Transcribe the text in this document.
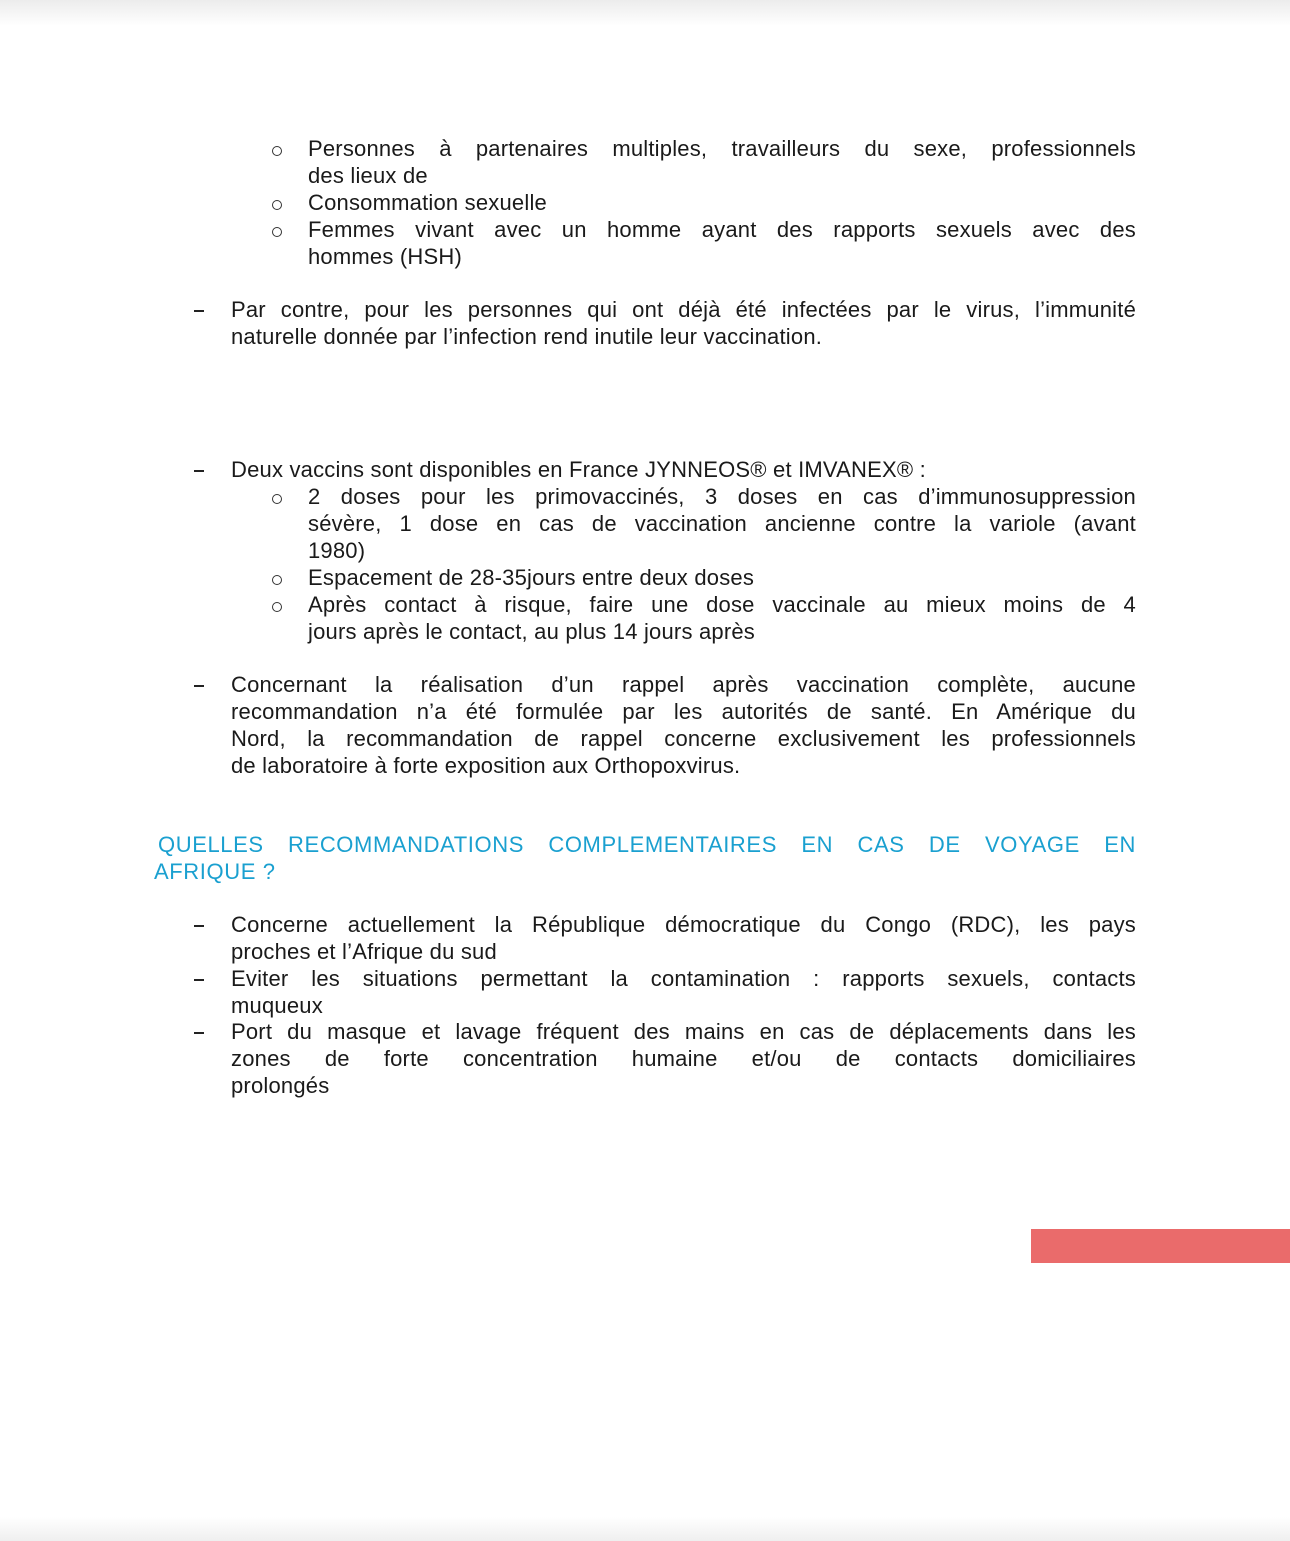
Personnes à partenaires multiples, travailleurs du sexe, professionnels
des lieux de
Consommation sexuelle
Femmes vivant avec un homme ayant des rapports sexuels avec des
hommes (HSH)
Par contre, pour les personnes qui ont déjà été infectées par le virus, l’immunité
naturelle donnée par l’infection rend inutile leur vaccination.
Deux vaccins sont disponibles en France JYNNEOS® et IMVANEX® :
2 doses pour les primovaccinés, 3 doses en cas d’immunosuppression
sévère, 1 dose en cas de vaccination ancienne contre la variole (avant
1980)
Espacement de 28-35jours entre deux doses
Après contact à risque, faire une dose vaccinale au mieux moins de 4
jours après le contact, au plus 14 jours après
Concernant la réalisation d’un rappel après vaccination complète, aucune
recommandation n’a été formulée par les autorités de santé. En Amérique du
Nord, la recommandation de rappel concerne exclusivement les professionnels
de laboratoire à forte exposition aux Orthopoxvirus.
QUELLES RECOMMANDATIONS COMPLEMENTAIRES EN CAS DE VOYAGE EN
AFRIQUE ?
Concerne actuellement la République démocratique du Congo (RDC), les pays
proches et l’Afrique du sud
Eviter les situations permettant la contamination : rapports sexuels, contacts
muqueux
Port du masque et lavage fréquent des mains en cas de déplacements dans les
zones de forte concentration humaine et/ou de contacts domiciliaires
prolongés
